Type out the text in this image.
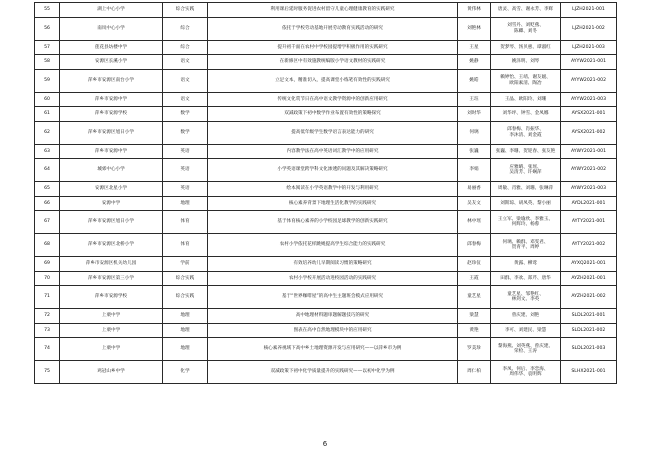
55	湖上中心小学	综合实践	利用课后延时服务促进农村留守儿童心理健康教育的实践研究	黄伟林	唐灵、高雪、谢永芳、李辉	LJZH2021-001
56	南岚中心小学	综合	依托于学校劳动基地开展劳动教育实践活动的研究	刘艳林	刘雪丹、刘贬燕、
陈卿、刘冬	LJZH2021-002
57	莲花县坊楼中学	综合	提升初千面在农村中学校园提增学积极作用的实践研究	王星	贺梦琴、汤贝惠、谭淑红	LJZH2021-003
58	安源区长溪小学	语文	在新修区中有效施教统编版小学语文教材的实践研究	姚静	姚泽明、刘琴	AYYW2021-001
59	萍乡市安源区南台小学	语文	立足文本，精准切入，提高课堂小练笔有效性的实践研究	姚皓	赖婷怡、王靖、谢友媛、
欧阳素清、陶冶	AYYW2021-002
60	萍乡市安源中学	语文	传统文化赏节日在高中语文教学资源中的创新应用研究	王珏	王晶、欧阳玲、刘珊	AYYW2021-003
61	萍乡市安源学校	数学	双减政策下初中数学作业布置有效性的策略探究	刘时华	刘华坪、钟雪、金凤娜	AYSX2021-001
62	萍乡市安源区旭日小学	数学	提高低年级学生数学语言表达能力的研究	何璃	邱春梅、肖振华、
李沐清、刘金霞	AYSX2021-002
63	萍乡市安源中学	英语	内容教学法在高中英语词汇教学中的应用研究	张巍	张巍、李珊、贺迎春、张友艳	AYWY2021-001
64	城郊中心小学	英语	小学英语课堂跨学科文化渗透的问题及其解决策略研究	李娟	应雅晴、张瑶、
吴清芳、许娴萍	AYWY2021-002
65	安源区北星小学	英语	绘本阅读在小学英语教学中的开发与利用研究	易丽香	周敏、肖雅、刘珊、张琳萍	AYWY2021-003
66	安源中学	地理	核心素养背景下地理生活化教学的实践研究	吴友文	刘斯琼、胡凤英、黎小丽	AYDL2021-001
67	萍乡市安源区旭日小学	体育	基于体育核心素养的小学校园足球教学的创新实践研究	林中瑶	王立军、梁瑜欣、李雅玉、
何辉玲、杨蓉	AYTY2021-001
68	萍乡市安源区北桥小学	体育	农村小学依托花样跳绳提高学生综合能力的实践研究	邱春梅	何璃、赖群、邓雯君、
贺青平、周婷	AYTY2021-002
69	萍乡市安源区机关幼儿园	学前	有效培养幼儿早期阅读习惯的策略研究	赵珍仪	黄露、柳莺	AYXQ2021-001
70	萍乡市安源区第三小学	综合实践	农村小学校开展活动进校园活动的实践研究	王霞	田群、李欢、郑芹、唐华	AYZH2021-001
71	萍乡市安源学校	综合实践	基于“世界咖啡屋”的高中生主题班会模式应用研究	童艺星	童艺星、邹艳红、
林剑文、李英	AYZH2021-002
72	上栗中学	地理	高中地理材料题审题解题技巧的研究	梁慧	曾庆建、刘艳	SLDL2021-001
73	上栗中学	地理	图表在高中自然地理模块中的应用研究	黄艳	李可、刘建民、梁慧	SLDL2021-002
74	上栗中学	地理	核心素养视域下高中乡土地理资源开发与应用研究——以萍乡市为例	罗美珍	黎海燕、刘英燕、曾庆建、
荣检、王涛	SLDL2021-003
75	鸡冠山乡中学	化学	双减政策下初中化学质量提升的实践研究——以初中化学为例	周仁柏	李凤、何后、李恋海、
周伟华、袁明辉	SLHX2021-001
6
